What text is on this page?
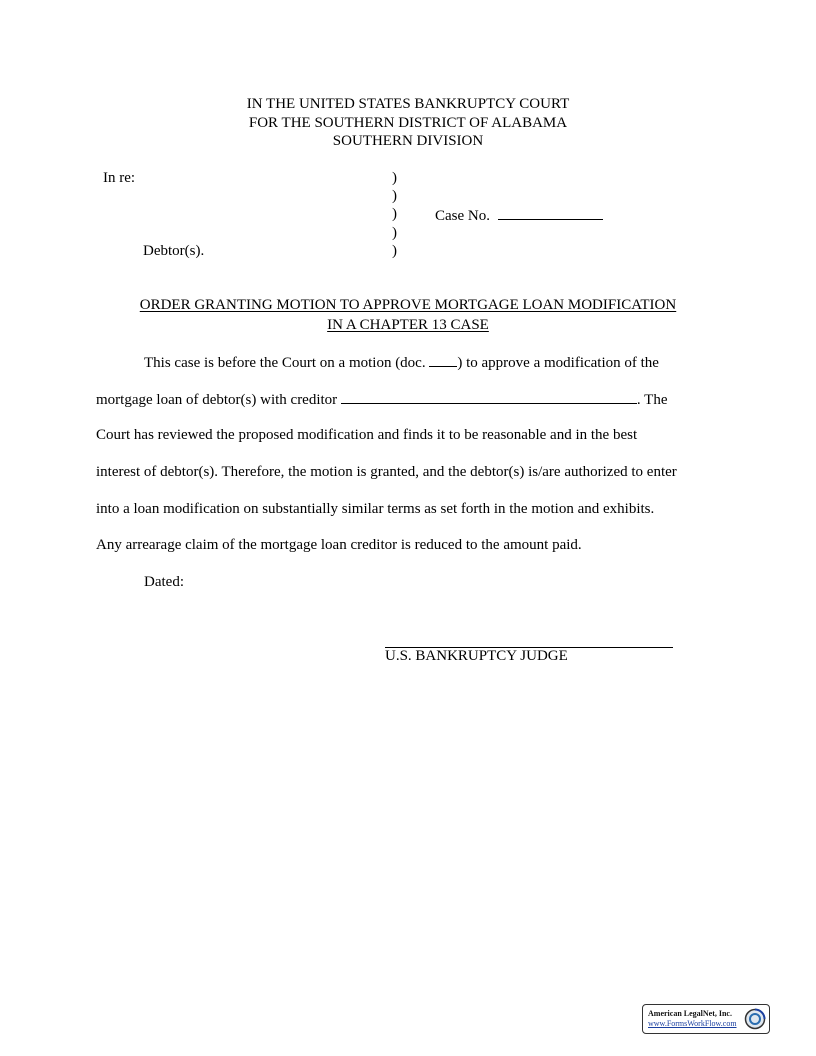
IN THE UNITED STATES BANKRUPTCY COURT
FOR THE SOUTHERN DISTRICT OF ALABAMA
SOUTHERN DIVISION
In re:	)
)
)
)
)
Case No.
Debtor(s).
ORDER GRANTING MOTION TO APPROVE MORTGAGE LOAN MODIFICATION
IN A CHAPTER 13 CASE
This case is before the Court on a motion (doc. ) to approve a modification of the
mortgage loan of debtor(s) with creditor	. The
Court has reviewed the proposed modification and finds it to be reasonable and in the best
interest of debtor(s). Therefore, the motion is granted, and the debtor(s) is/are authorized to enter
into a loan modification on substantially similar terms as set forth in the motion and exhibits.
Any arrearage claim of the mortgage loan creditor is reduced to the amount paid.
Dated:
U.S. BANKRUPTCY JUDGE
American LegalNet, Inc.
www.FormsWorkFlow.com
